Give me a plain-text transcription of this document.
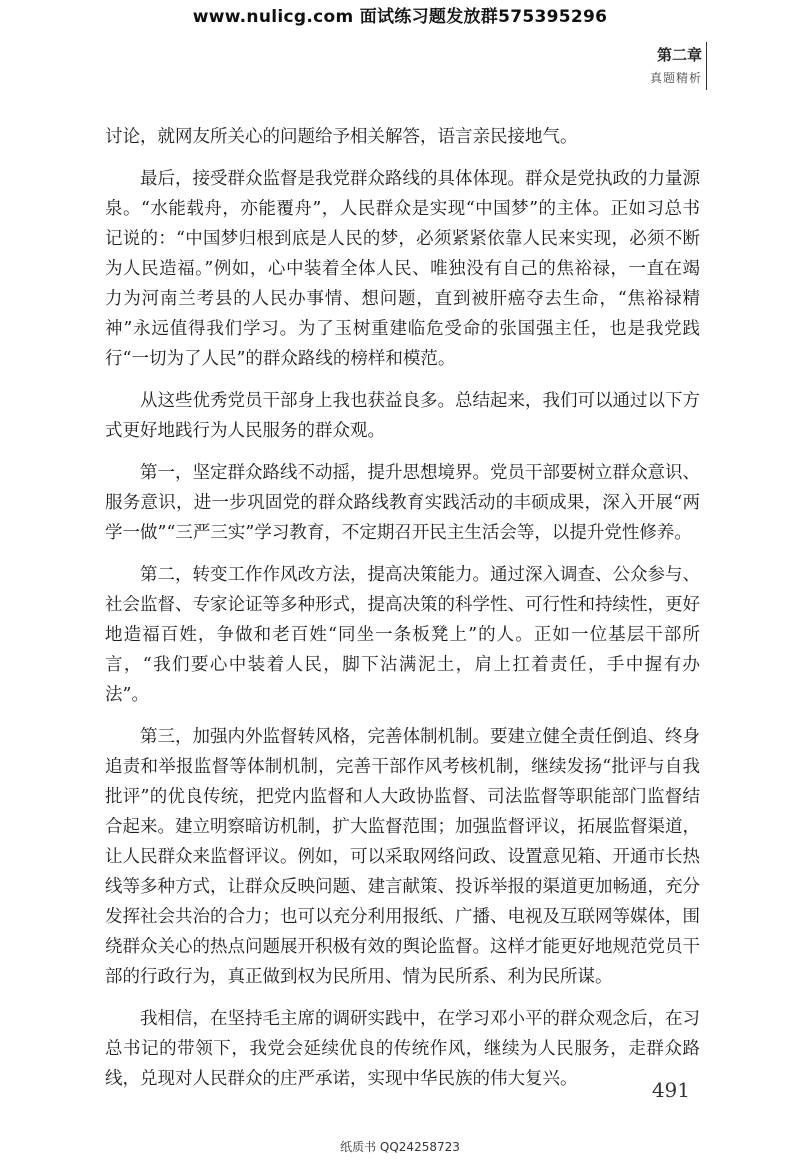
www.nulicg.com 面试练习题发放群575395296
第二章
真题精析

讨论，就网友所关心的问题给予相关解答，语言亲民接地气。

最后，接受群众监督是我党群众路线的具体体现。群众是党执政的力量源泉。“水能载舟，亦能覆舟”，人民群众是实现“中国梦”的主体。正如习总书记说的：“中国梦归根到底是人民的梦，必须紧紧依靠人民来实现，必须不断为人民造福。”例如，心中装着全体人民、唯独没有自己的焦裕禄，一直在竭力为河南兰考县的人民办事情、想问题，直到被肝癌夺去生命，“焦裕禄精神”永远值得我们学习。为了玉树重建临危受命的张国强主任，也是我党践行“一切为了人民”的群众路线的榜样和模范。

从这些优秀党员干部身上我也获益良多。总结起来，我们可以通过以下方式更好地践行为人民服务的群众观。

第一，坚定群众路线不动摇，提升思想境界。党员干部要树立群众意识、服务意识，进一步巩固党的群众路线教育实践活动的丰硕成果，深入开展“两学一做”“三严三实”学习教育，不定期召开民主生活会等，以提升党性修养。

第二，转变工作作风改方法，提高决策能力。通过深入调查、公众参与、社会监督、专家论证等多种形式，提高决策的科学性、可行性和持续性，更好地造福百姓，争做和老百姓“同坐一条板凳上”的人。正如一位基层干部所言，“我们要心中装着人民，脚下沾满泥土，肩上扛着责任，手中握有办法”。

第三，加强内外监督转风格，完善体制机制。要建立健全责任倒追、终身追责和举报监督等体制机制，完善干部作风考核机制，继续发扬“批评与自我批评”的优良传统，把党内监督和人大政协监督、司法监督等职能部门监督结合起来。建立明察暗访机制，扩大监督范围；加强监督评议，拓展监督渠道，让人民群众来监督评议。例如，可以采取网络问政、设置意见箱、开通市长热线等多种方式，让群众反映问题、建言献策、投诉举报的渠道更加畅通，充分发挥社会共治的合力；也可以充分利用报纸、广播、电视及互联网等媒体，围绕群众关心的热点问题展开积极有效的舆论监督。这样才能更好地规范党员干部的行政行为，真正做到权为民所用、情为民所系、利为民所谋。

我相信，在坚持毛主席的调研实践中，在学习邓小平的群众观念后，在习总书记的带领下，我党会延续优良的传统作风，继续为人民服务，走群众路线，兑现对人民群众的庄严承诺，实现中华民族的伟大复兴。	491
纸质书 QQ24258723
